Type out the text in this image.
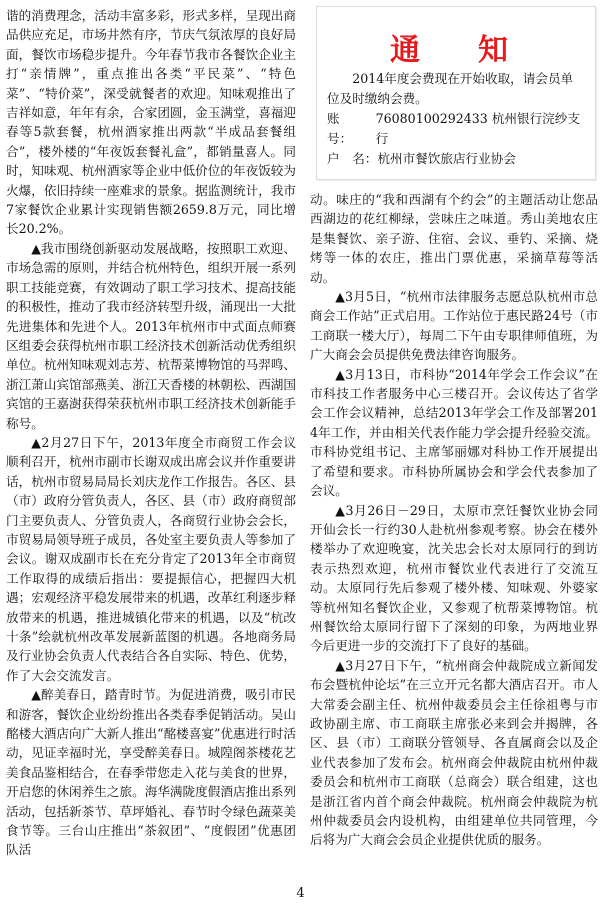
谐的消费理念，活动丰富多彩，形式多样，呈现出商品供应充足，市场井然有序，节庆气氛浓厚的良好局面，餐饮市场稳步提升。今年春节我市各餐饮企业主打“亲情牌”，重点推出各类“平民菜”、“特色菜”、“特价菜”，深受就餐者的欢迎。知味观推出了吉祥如意，年年有余，合家团圆，金玉满堂，喜福迎春等5款套餐，杭州酒家推出两款“半成品套餐组合”，楼外楼的“年夜饭套餐礼盒”，都销量喜人。同时，知味观、杭州酒家等企业中低价位的年夜饭较为火爆，依旧持续一座难求的景象。据监测统计，我市7家餐饮企业累计实现销售额2659.8万元，同比增长20.2%。

▲我市围绕创新驱动发展战略，按照职工欢迎、市场急需的原则，并结合杭州特色，组织开展一系列职工技能竞赛，有效调动了职工学习技术、提高技能的积极性，推动了我市经济转型升级，涌现出一大批先进集体和先进个人。2013年杭州市中式面点师赛区组委会获得杭州市职工经济技术创新活动优秀组织单位。杭州知味观刘志芳、杭帮菜博物馆的马羿鸣、浙江萧山宾馆部燕美、浙江天香楼的林朝松、西湖国宾馆的王嘉澍获得荣获杭州市职工经济技术创新能手称号。

▲2月27日下午，2013年度全市商贸工作会议顺利召开，杭州市副市长谢双成出席会议并作重要讲话，杭州市贸易局局长刘庆龙作工作报告。各区、县（市）政府分管负责人，各区、县（市）政府商贸部门主要负责人、分管负责人，各商贸行业协会会长，市贸易局领导班子成员，各处室主要负责人等参加了会议。谢双成副市长在充分肯定了2013年全市商贸工作取得的成绩后指出：要提振信心，把握四大机遇；宏观经济平稳发展带来的机遇，改革红利逐步释放带来的机遇，推进城镇化带来的机遇，以及“杭改十条”绘就杭州改革发展新蓝图的机遇。各地商务局及行业协会负责人代表结合各自实际、特色、优势，作了大会交流发言。

▲醉美春日，踏青时节。为促进消费，吸引市民和游客，餐饮企业纷纷推出各类春季促销活动。吴山酩楼大酒店向广大新人推出“酩楼喜宴”优惠进行时活动，见证幸福时光，享受醉美春日。城隍阁茶楼花艺美食品鉴相结合，在春季带您走入花与美食的世界，开启您的休闲养生之旅。海华满陇度假酒店推出系列活动，包括新茶节、草坪婚礼、春节时令绿色蔬菜美食节等。三台山庄推出“茶叙团”、“度假团”优惠团队活

通　知

2014年度会费现在开始收取，请会员单位及时缴纳会费。

账　号：
76080100292433 杭州银行浣纱支行

户　名： 杭州市餐饮旅店行业协会

动。味庄的“我和西湖有个约会”的主题活动让您品西湖边的花红柳绿，尝味庄之味道。秀山美地农庄是集餐饮、亲子游、住宿、会议、垂钓、采摘、烧烤等一体的农庄，推出门票优惠，采摘草莓等活动。

▲3月5日，“杭州市法律服务志愿总队杭州市总商会工作站”正式启用。工作站位于惠民路24号（市工商联一楼大厅），每周二下午由专职律师值班，为广大商会会员提供免费法律咨询服务。

▲3月13日，市科协“2014年学会工作会议”在市科技工作者服务中心三楼召开。会议传达了省学会工作会议精神，总结2013年学会工作及部署2014年工作，并由相关代表作能力学会提升经验交流。市科协党组书记、主席邹丽娜对科协工作开展提出了希望和要求。市科协所属协会和学会代表参加了会议。

▲3月26日－29日，太原市烹饪餐饮业协会同开仙会长一行约30人赴杭州参观考察。协会在楼外楼举办了欢迎晚宴，沈关忠会长对太原同行的到访表示热烈欢迎，杭州市餐饮业代表进行了交流互动。太原同行先后参观了楼外楼、知味观、外婆家等杭州知名餐饮企业，又参观了杭帮菜博物馆。杭州餐饮给太原同行留下了深刻的印象，为两地业界今后更进一步的交流打下了良好的基础。

▲3月27日下午，“杭州商会仲裁院成立新闻发布会暨杭仲论坛”在三立开元名都大酒店召开。市人大常委会副主任、杭州仲裁委员会主任徐祖粤与市政协副主席、市工商联主席张必来到会并揭牌，各区、县（市）工商联分管领导、各直属商会以及企业代表参加了发布会。杭州商会仲裁院由杭州仲裁委员会和杭州市工商联（总商会）联合组建，这也是浙江省内首个商会仲裁院。杭州商会仲裁院为杭州仲裁委员会内设机构，由组建单位共同管理，今后将为广大商会会员企业提供优质的服务。

4
